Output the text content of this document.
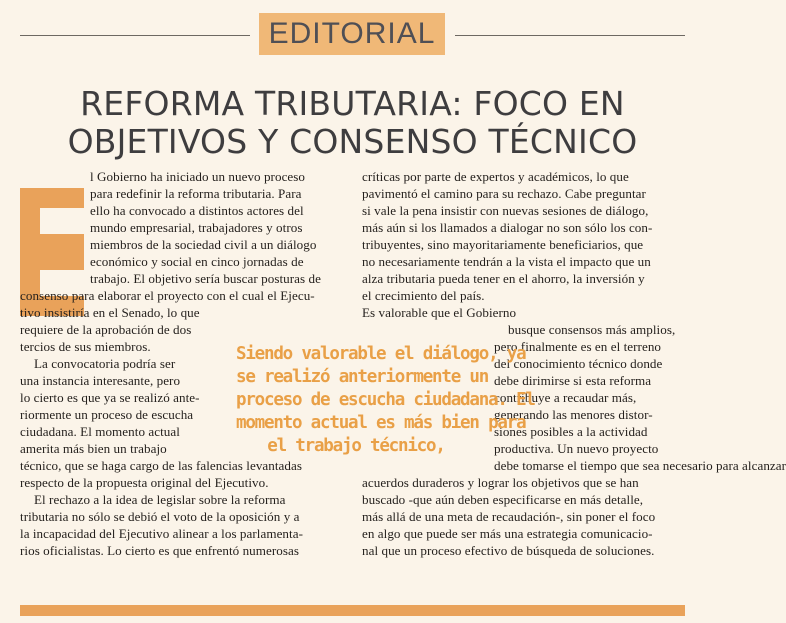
EDITORIAL
REFORMA TRIBUTARIA: FOCO EN OBJETIVOS Y CONSENSO TÉCNICO

l Gobierno ha iniciado un nuevo proceso

para redefinir la reforma tributaria. Para

ello ha convocado a distintos actores del

mundo empresarial, trabajadores y otros

miembros de la sociedad civil a un diálogo

económico y social en cinco jornadas de

trabajo. El objetivo sería buscar posturas de

consenso para elaborar el proyecto con el cual el Ejecu-

tivo insistiría en el Senado, lo que

requiere de la aprobación de dos

tercios de sus miembros.

La convocatoria podría ser

una instancia interesante, pero

lo cierto es que ya se realizó ante-

riormente un proceso de escucha

ciudadana. El momento actual

amerita más bien un trabajo

técnico, que se haga cargo de las falencias levantadas

respecto de la propuesta original del Ejecutivo.

El rechazo a la idea de legislar sobre la reforma

tributaria no sólo se debió el voto de la oposición y a

la incapacidad del Ejecutivo alinear a los parlamenta-

rios oficialistas. Lo cierto es que enfrentó numerosas

críticas por parte de expertos y académicos, lo que

pavimentó el camino para su rechazo. Cabe preguntar

si vale la pena insistir con nuevas sesiones de diálogo,

más aún si los llamados a dialogar no son sólo los con-

tribuyentes, sino mayoritariamente beneficiarios, que

no necesariamente tendrán a la vista el impacto que un

alza tributaria pueda tener en el ahorro, la inversión y

el crecimiento del país.

Es valorable que el Gobierno

busque consensos más amplios,

pero finalmente es en el terreno

del conocimiento técnico donde

debe dirimirse si esta reforma

contribuye a recaudar más,

generando las menores distor-

siones posibles a la actividad

productiva. Un nuevo proyecto

debe tomarse el tiempo que sea necesario para alcanzar

acuerdos duraderos y lograr los objetivos que se han

buscado -que aún deben especificarse en más detalle,

más allá de una meta de recaudación-, sin poner el foco

en algo que puede ser más una estrategia comunicacio-

nal que un proceso efectivo de búsqueda de soluciones.

Siendo valorable el diálogo, ya
se realizó anteriormente un
proceso de escucha ciudadana. El
momento actual es más bien para
el trabajo técnico,
